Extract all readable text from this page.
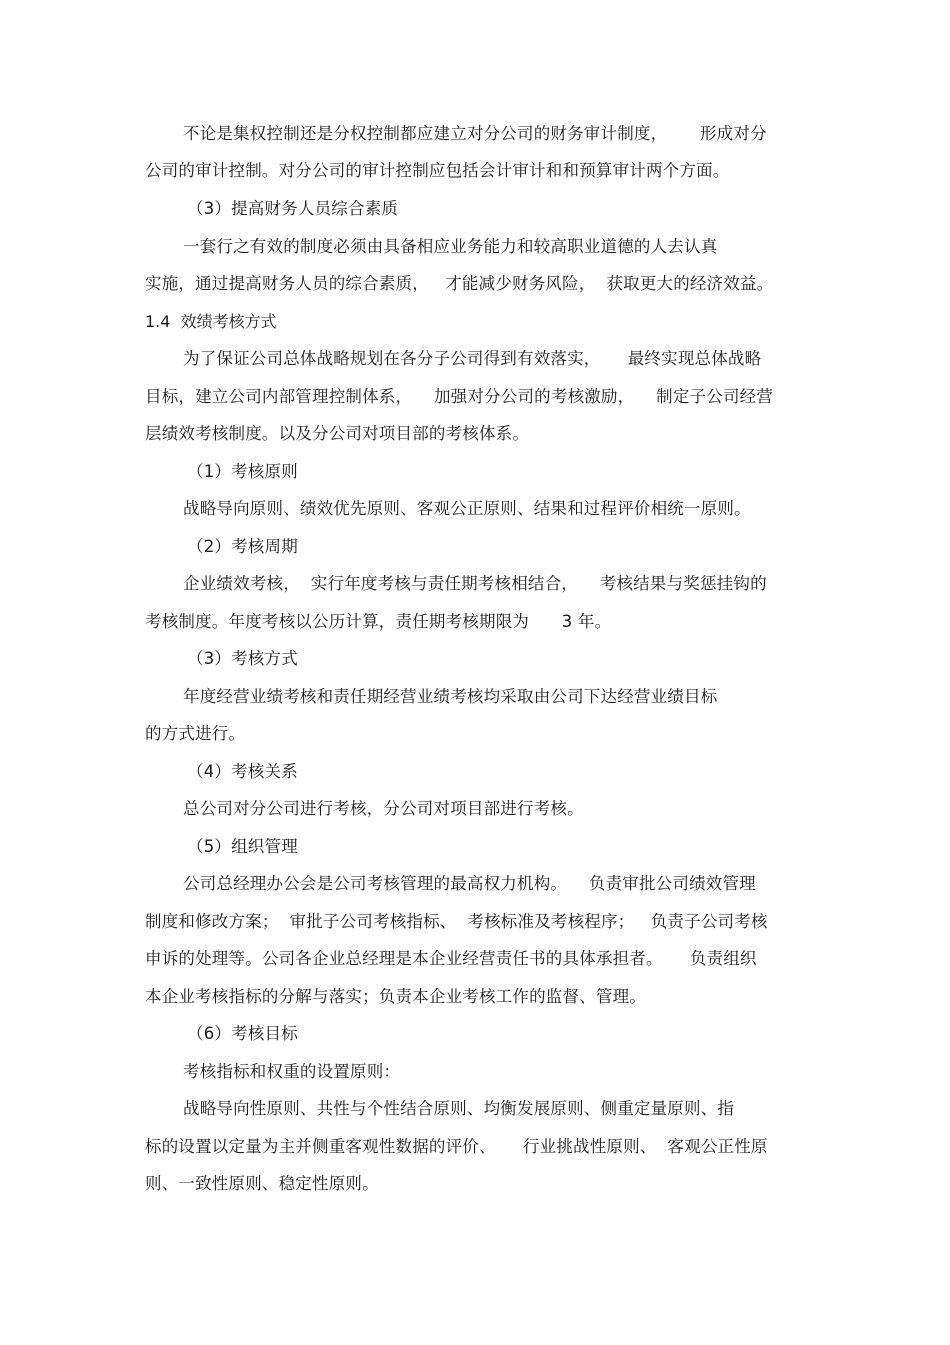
不论是集权控制还是分权控制都应建立对分公司的财务审计制度，      形成对分
公司的审计控制。对分公司的审计控制应包括会计审计和和预算审计两个方面。
（3）提高财务人员综合素质
一套行之有效的制度必须由具备相应业务能力和较高职业道德的人去认真
实施，通过提高财务人员的综合素质，   才能减少财务风险，  获取更大的经济效益。
1.4  效绩考核方式
为了保证公司总体战略规划在各分子公司得到有效落实，     最终实现总体战略
目标，建立公司内部管理控制体系，    加强对分公司的考核激励，    制定子公司经营
层绩效考核制度。以及分公司对项目部的考核体系。
（1）考核原则
战略导向原则、绩效优先原则、客观公正原则、结果和过程评价相统一原则。
（2）考核周期
企业绩效考核，  实行年度考核与责任期考核相结合，    考核结果与奖惩挂钩的
考核制度。年度考核以公历计算，责任期考核期限为      3 年。
（3）考核方式
年度经营业绩考核和责任期经营业绩考核均采取由公司下达经营业绩目标
的方式进行。
（4）考核关系
总公司对分公司进行考核，分公司对项目部进行考核。
（5）组织管理
公司总经理办公会是公司考核管理的最高权力机构。    负责审批公司绩效管理
制度和修改方案；  审批子公司考核指标、  考核标准及考核程序；   负责子公司考核
申诉的处理等。公司各企业总经理是本企业经营责任书的具体承担者。     负责组织
本企业考核指标的分解与落实；负责本企业考核工作的监督、管理。
（6）考核目标
考核指标和权重的设置原则：
战略导向性原则、共性与个性结合原则、均衡发展原则、侧重定量原则、指
标的设置以定量为主并侧重客观性数据的评价、     行业挑战性原则、  客观公正性原
则、一致性原则、稳定性原则。
